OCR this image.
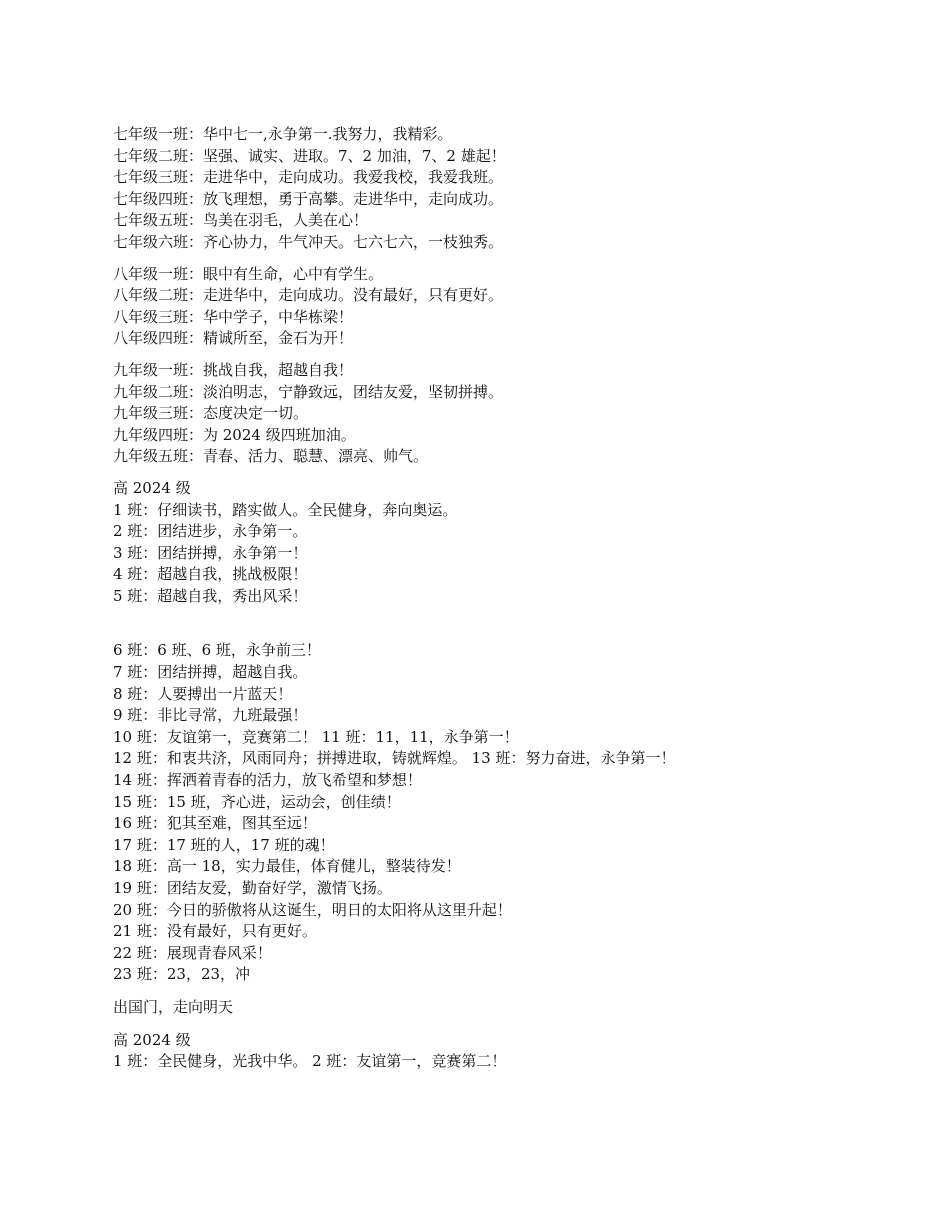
七年级一班：华中七一,永争第一.我努力，我精彩。

七年级二班：坚强、诚实、进取。7、2 加油，7、2 雄起！

七年级三班：走进华中，走向成功。我爱我校，我爱我班。

七年级四班：放飞理想，勇于高攀。走进华中，走向成功。

七年级五班：鸟美在羽毛，人美在心！

七年级六班：齐心协力，牛气冲天。七六七六，一枝独秀。

八年级一班：眼中有生命，心中有学生。

八年级二班：走进华中，走向成功。没有最好，只有更好。

八年级三班：华中学子，中华栋梁！

八年级四班：精诚所至，金石为开！

九年级一班：挑战自我，超越自我！

九年级二班：淡泊明志，宁静致远，团结友爱，坚韧拼搏。

九年级三班：态度决定一切。

九年级四班：为 2024 级四班加油。

九年级五班：青春、活力、聪慧、漂亮、帅气。

高 2024 级

1 班：仔细读书，踏实做人。全民健身，奔向奥运。

2 班：团结进步，永争第一。

3 班：团结拼搏，永争第一！

4 班：超越自我，挑战极限！

5 班：超越自我，秀出风采！

6 班：6 班、6 班，永争前三！

7 班：团结拼搏，超越自我。

8 班：人要搏出一片蓝天！

9 班：非比寻常，九班最强！

10 班：友谊第一，竞赛第二！ 11 班：11，11，永争第一！

12 班：和衷共济，风雨同舟；拼搏进取，铸就辉煌。 13 班：努力奋进，永争第一！

14 班：挥洒着青春的活力，放飞希望和梦想！

15 班：15 班，齐心进，运动会，创佳绩！

16 班：犯其至难，图其至远！

17 班：17 班的人，17 班的魂！

18 班：高一 18，实力最佳，体育健儿，整装待发！

19 班：团结友爱，勤奋好学，激情飞扬。

20 班：今日的骄傲将从这诞生，明日的太阳将从这里升起！

21 班：没有最好，只有更好。

22 班：展现青春风采！

23 班：23，23，冲

出国门，走向明天

高 2024 级

1 班：全民健身，光我中华。 2 班：友谊第一，竞赛第二！
